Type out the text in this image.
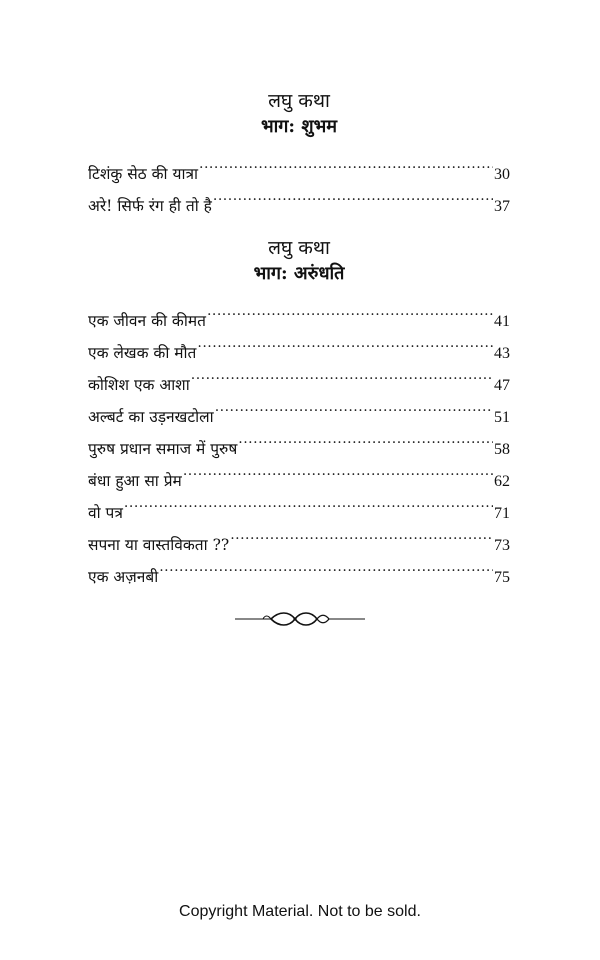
लघु कथा
भाग: शुभम
टिशंकु सेठ की यात्रा .....	30
अरे! सिर्फ रंग ही तो है .....	37
लघु कथा
भाग: अरुंधति
एक जीवन की कीमत .....	41
एक लेखक की मौत .....	43
कोशिश एक आशा .....	47
अल्बर्ट का उड़नखटोला .....	51
पुरुष प्रधान समाज में पुरुष .....	58
बंधा हुआ सा प्रेम .....	62
वो पत्र .....	71
सपना या वास्तविकता ?? .....	73
एक अज़नबी .....	75
Copyright Material. Not to be sold.
